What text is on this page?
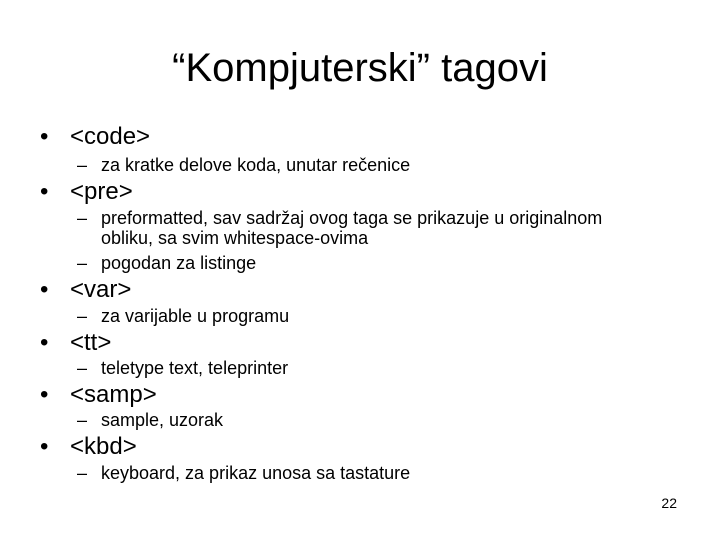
“Kompjuterski” tagovi
• <code>
– za kratke delove koda, unutar rečenice
• <pre>
– preformatted, sav sadržaj ovog taga se prikazuje u originalnom
obliku, sa svim whitespace-ovima
– pogodan za listinge
• <var>
– za varijable u programu
• <tt>
– teletype text, teleprinter
• <samp>
– sample, uzorak
• <kbd>
– keyboard, za prikaz unosa sa tastature
22
